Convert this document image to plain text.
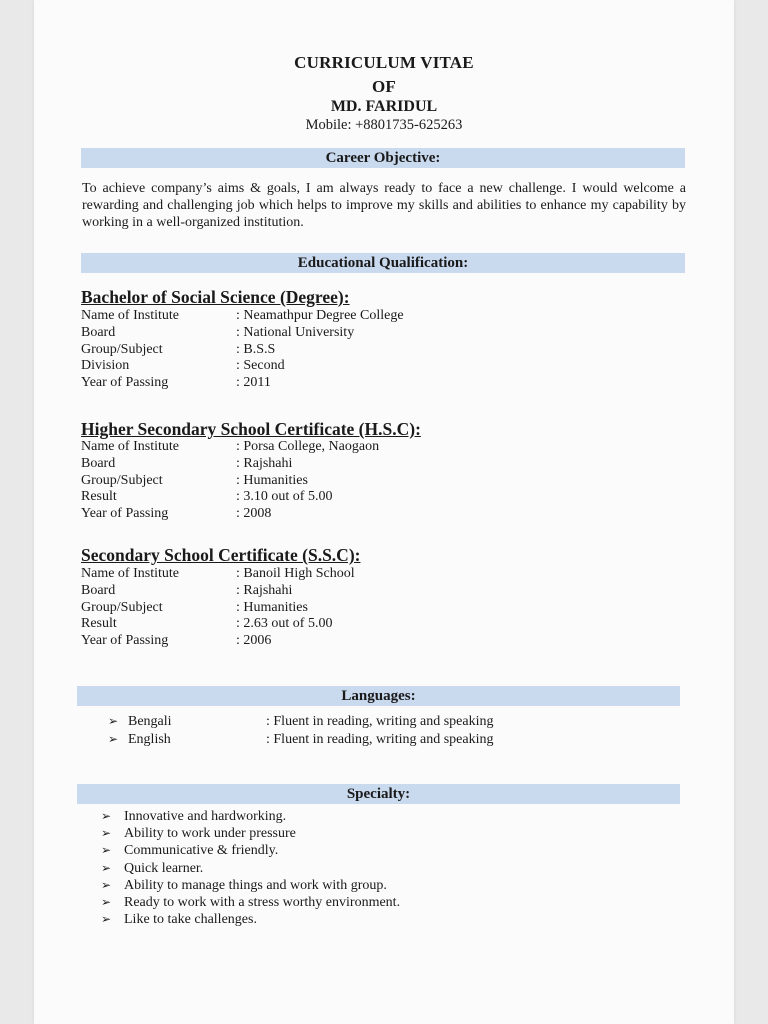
CURRICULUM VITAE
OF
MD. FARIDUL
Mobile: +8801735-625263
Career Objective:
To achieve company’s aims & goals, I am always ready to face a new challenge. I would welcome a rewarding and challenging job which helps to improve my skills and abilities to enhance my capability by working in a well-organized institution.
Educational Qualification:
Bachelor of Social Science (Degree):
Name of Institute	: Neamathpur Degree College
Board	: National University
Group/Subject	: B.S.S
Division	: Second
Year of Passing	: 2011
Higher Secondary School Certificate (H.S.C):
Name of Institute	: Porsa College, Naogaon
Board	: Rajshahi
Group/Subject	: Humanities
Result	: 3.10 out of 5.00
Year of Passing	: 2008
Secondary School Certificate (S.S.C):
Name of Institute	: Banoil High School
Board	: Rajshahi
Group/Subject	: Humanities
Result	: 2.63 out of 5.00
Year of Passing	: 2006
Languages:
➢ Bengali	: Fluent in reading, writing and speaking
➢ English	: Fluent in reading, writing and speaking
Specialty:
➢ Innovative and hardworking.
➢ Ability to work under pressure
➢ Communicative & friendly.
➢ Quick learner.
➢ Ability to manage things and work with group.
➢ Ready to work with a stress worthy environment.
➢ Like to take challenges.
